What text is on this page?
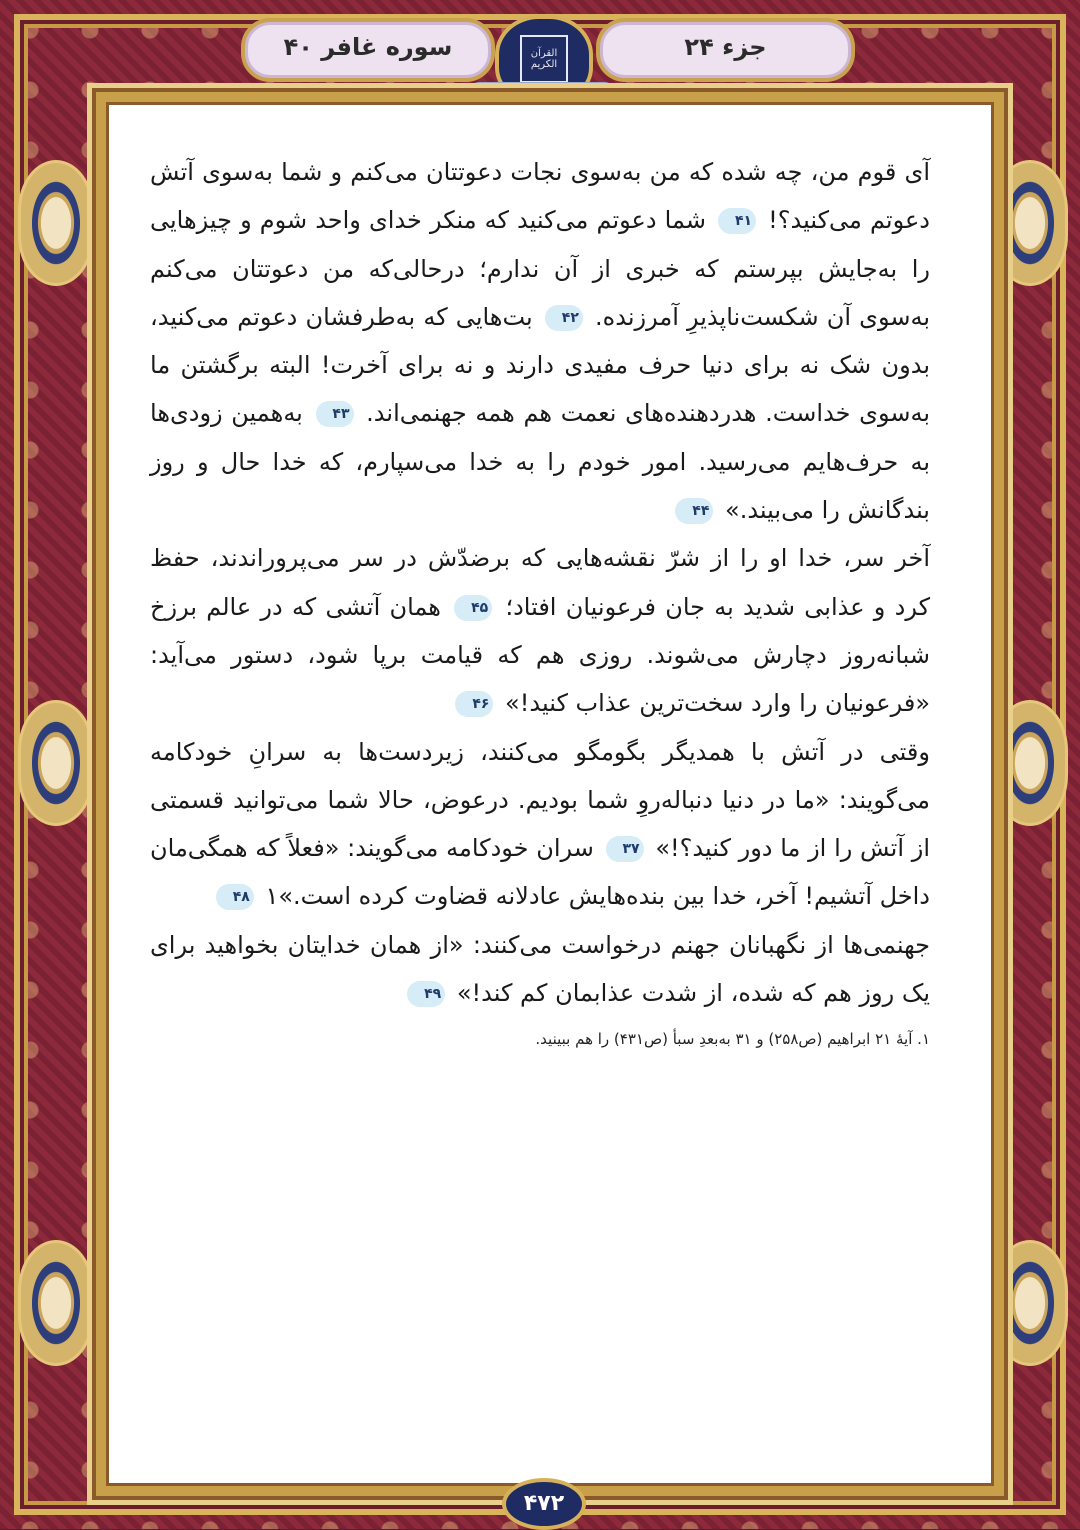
سوره غافر ۴۰	جزء ۲۴
القرآن الكريم

آی قوم من، چه شده که من به‌سوی نجات دعوتتان می‌کنم و شما به‌سوی آتش دعوتم می‌کنید؟! ۴۱ شما دعوتم می‌کنید که منکر خدای واحد شوم و چیزهایی را به‌جایش بپرستم که خبری از آن ندارم؛ درحالی‌که من دعوتتان می‌کنم به‌سوی آن شکست‌ناپذیرِ آمرزنده. ۴۲ بت‌هایی که به‌طرفشان دعوتم می‌کنید، بدون شک نه برای دنیا حرف مفیدی دارند و نه برای آخرت! البته برگشتن ما به‌سوی خداست. هدردهنده‌های نعمت هم همه جهنمی‌اند. ۴۳ به‌همین زودی‌ها به حرف‌هایم می‌رسید. امور خودم را به خدا می‌سپارم، که خدا حال و روز بندگانش را می‌بیند.» ۴۴

آخر سر، خدا او را از شرّ نقشه‌هایی که برضدّش در سر می‌پروراندند، حفظ کرد و عذابی شدید به جان فرعونیان افتاد؛ ۴۵ همان آتشی که در عالم برزخ شبانه‌روز دچارش می‌شوند. روزی هم که قیامت برپا شود، دستور می‌آید: «فرعونیان را وارد سخت‌ترین عذاب کنید!» ۴۶

وقتی در آتش با همدیگر بگومگو می‌کنند، زیردست‌ها به سرانِ خودکامه می‌گویند: «ما در دنیا دنباله‌روِ شما بودیم. درعوض، حالا شما می‌توانید قسمتی از آتش را از ما دور کنید؟!» ۳۷ سران خودکامه می‌گویند: «فعلاً که همگی‌مان داخل آتشیم! آخر، خدا بین بنده‌هایش عادلانه قضاوت کرده است.»۱ ۴۸

جهنمی‌ها از نگهبانان جهنم درخواست می‌کنند: «از همان خدایتان بخواهید برای یک روز هم که شده، از شدت عذابمان کم کند!» ۴۹

۱. آیهٔ ۲۱ ابراهیم (ص۲۵۸) و ۳۱ به‌بعدِ سبأ (ص۴۳۱) را هم ببینید.
۴۷۲
